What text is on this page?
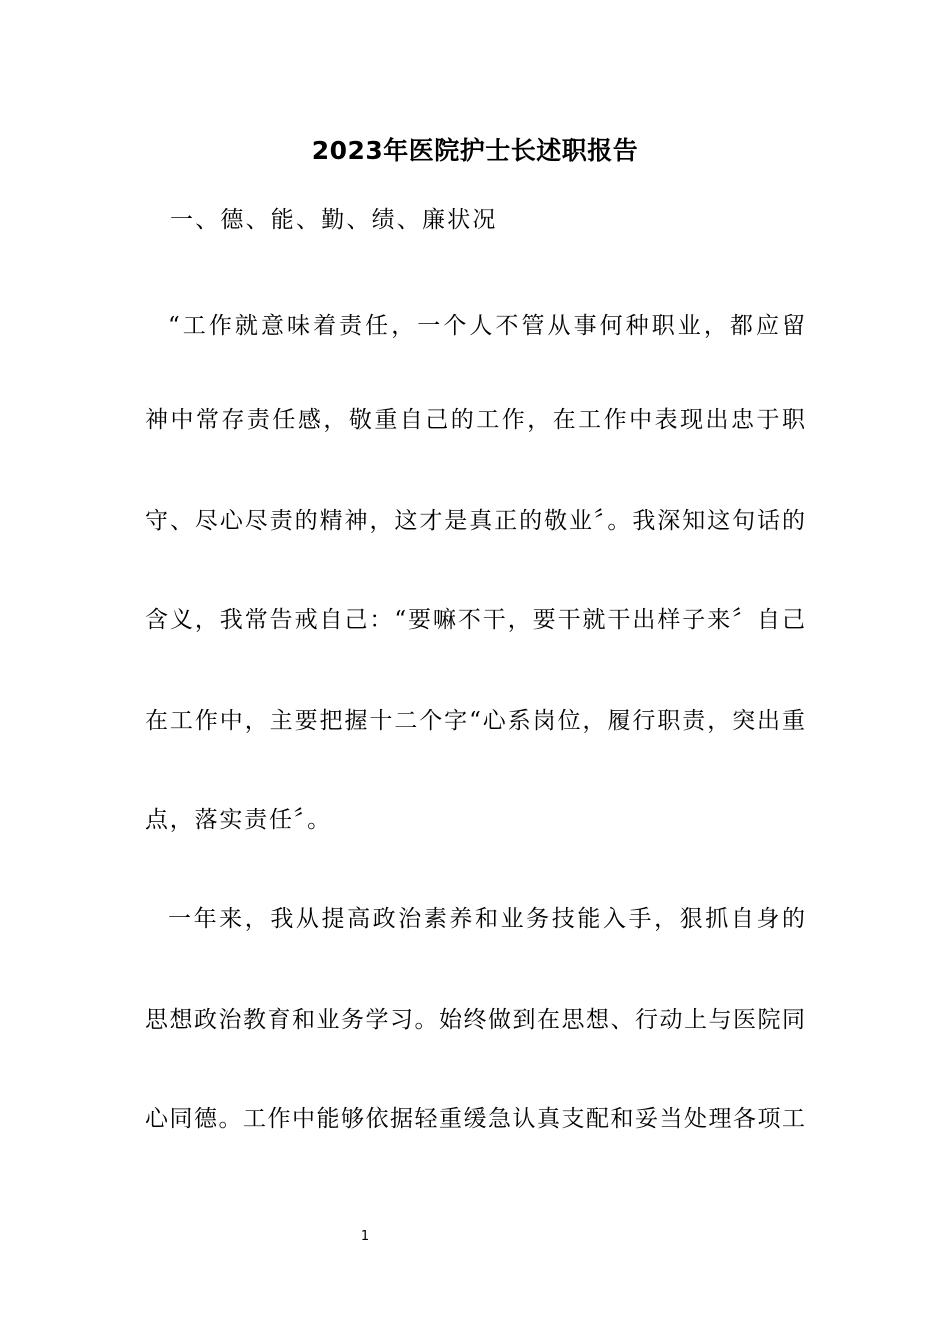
2023年医院护士长述职报告

一、德、能、勤、绩、廉状况

“工作就意味着责任，一个人不管从事何种职业，都应留

神中常存责任感，敬重自己的工作，在工作中表现出忠于职

守、尽心尽责的精神，这才是真正的敬业〞。我深知这句话的

含义，我常告戒自己：“要嘛不干，要干就干出样子来〞自己

在工作中，主要把握十二个字“心系岗位，履行职责，突出重

点，落实责任〞。

一年来，我从提高政治素养和业务技能入手，狠抓自身的

思想政治教育和业务学习。始终做到在思想、行动上与医院同

心同德。工作中能够依据轻重缓急认真支配和妥当处理各项工

1
